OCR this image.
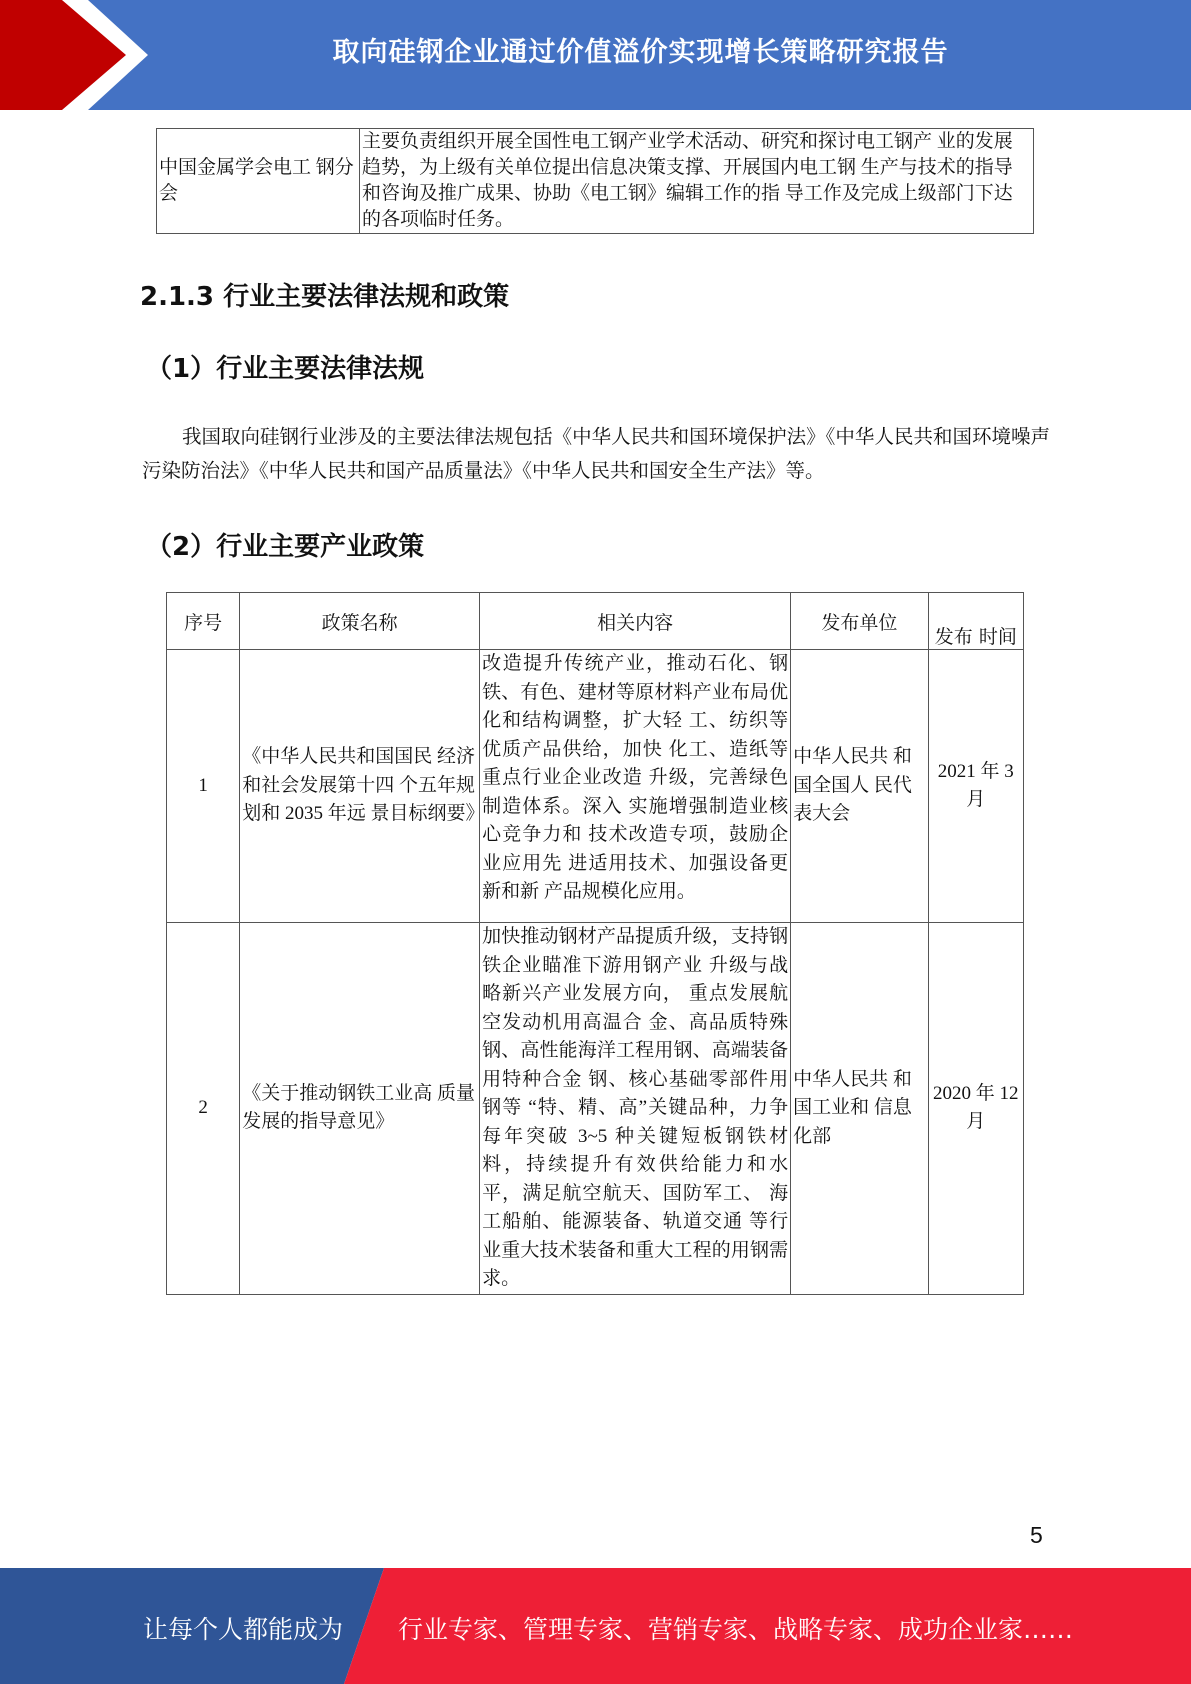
取向硅钢企业通过价值溢价实现增长策略研究报告
中国金属学会电工 钢分会	主要负责组织开展全国性电工钢产业学术活动、研究和探讨电工钢产 业的发展趋势，为上级有关单位提出信息决策支撑、开展国内电工钢 生产与技术的指导和咨询及推广成果、协助《电工钢》编辑工作的指 导工作及完成上级部门下达的各项临时任务。
2.1.3 行业主要法律法规和政策
（1）行业主要法律法规
我国取向硅钢行业涉及的主要法律法规包括《中华人民共和国环境保护法》《中华人民共和国环境噪声污染防治法》《中华人民共和国产品质量法》《中华人民共和国安全生产法》等。
（2）行业主要产业政策
序号	政策名称	相关内容	发布单位	发布 时间
1	《中华人民共和国国民 经济和社会发展第十四 个五年规划和 2035 年远 景目标纲要》	改造提升传统产业，推动石化、钢铁、有色、建材等原材料产业布局优化和结构调整，扩大轻 工、纺织等优质产品供给，加快 化工、造纸等重点行业企业改造 升级，完善绿色制造体系。深入 实施增强制造业核心竞争力和 技术改造专项，鼓励企业应用先 进适用技术、加强设备更新和新 产品规模化应用。	中华人民共 和国全国人 民代表大会	2021 年 3 月
2	《关于推动钢铁工业高 质量发展的指导意见》	加快推动钢材产品提质升级，支持钢铁企业瞄准下游用钢产业 升级与战略新兴产业发展方向， 重点发展航空发动机用高温合 金、高品质特殊钢、高性能海洋工程用钢、高端装备用特种合金 钢、核心基础零部件用钢等 “特、精、高”关键品种，力争 每年突破 3~5 种关键短板钢铁材 料，持续提升有效供给能力和水 平，满足航空航天、国防军工、 海工船舶、能源装备、轨道交通 等行业重大技术装备和重大工程的用钢需求。	中华人民共 和国工业和 信息化部	2020 年 12 月
5
让每个人都能成为 行业专家、管理专家、营销专家、战略专家、成功企业家……
